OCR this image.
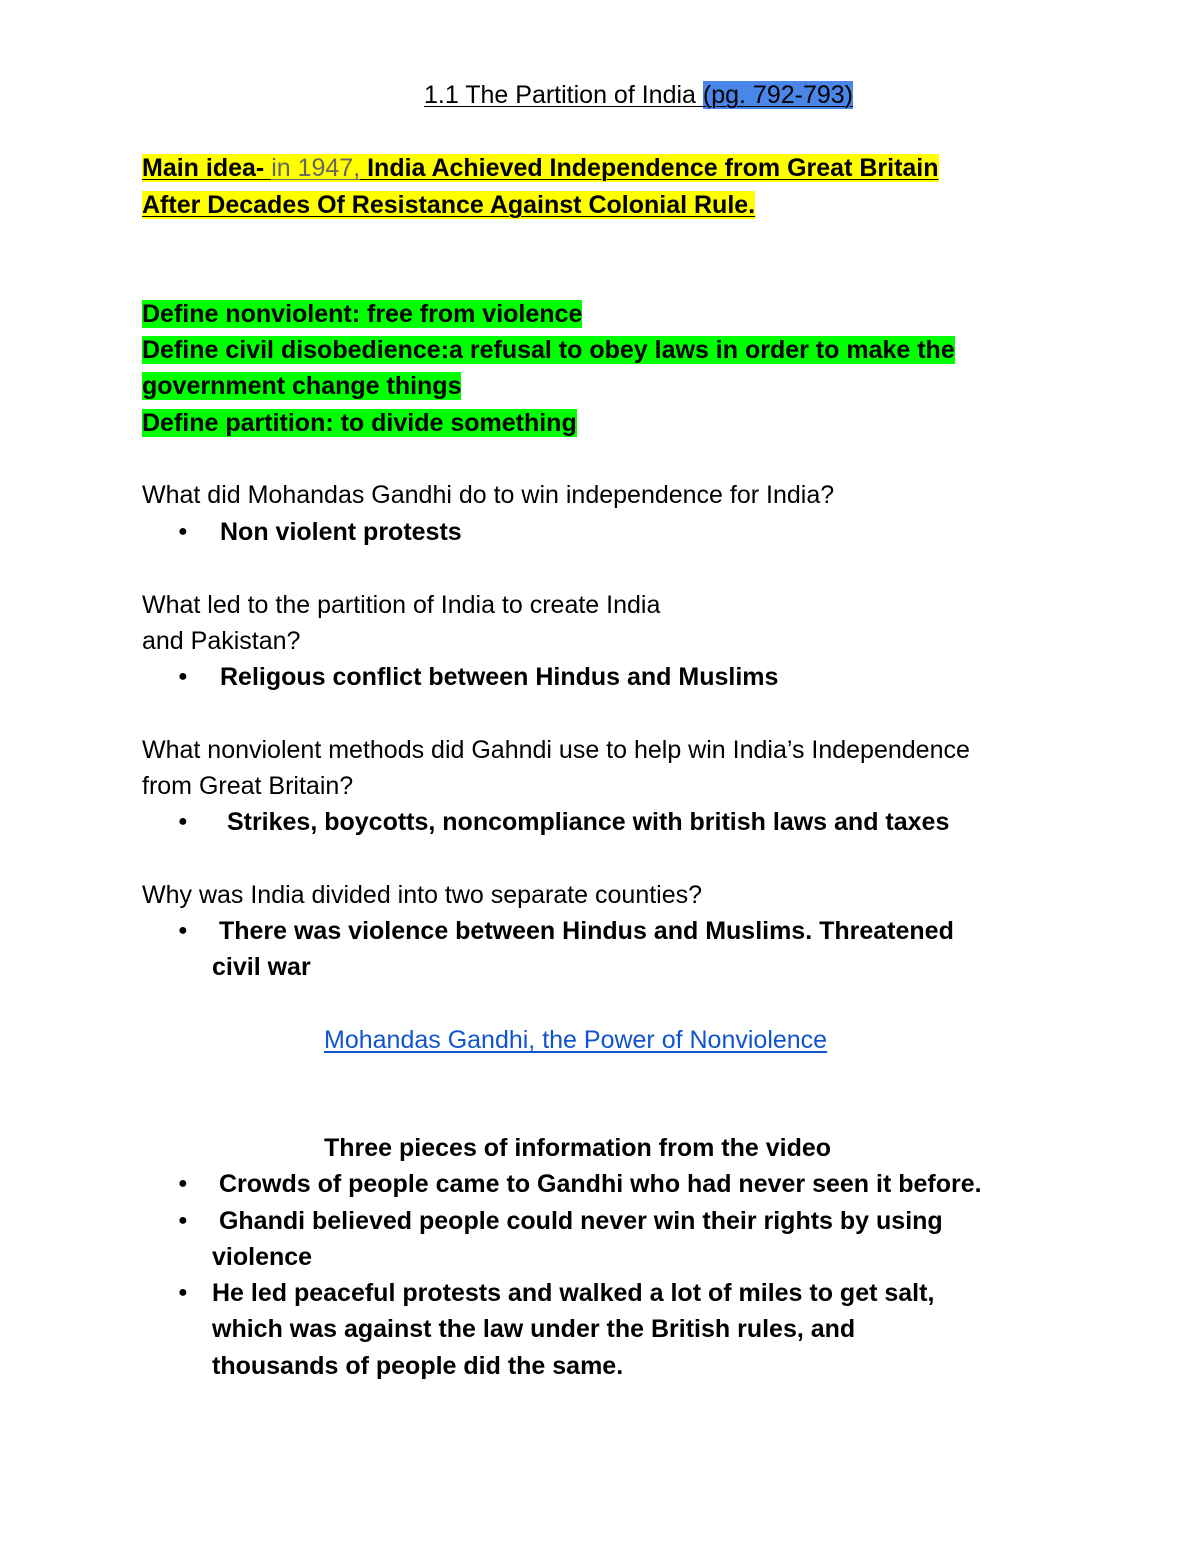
1.1 The Partition of India (pg. 792-793)
Main idea- in 1947, India Achieved Independence from Great Britain
After Decades Of Resistance Against Colonial Rule.
Define nonviolent: free from violence
Define civil disobedience:a refusal to obey laws in order to make the
government change things
Define partition: to divide something
What did Mohandas Gandhi do to win independence for India?
● Non violent protests
What led to the partition of India to create India
and Pakistan?
● Religous conflict between Hindus and Muslims
What nonviolent methods did Gahndi use to help win India’s Independence
from Great Britain?
● Strikes, boycotts, noncompliance with british laws and taxes
Why was India divided into two separate counties?
● There was violence between Hindus and Muslims. Threatened
civil war
Mohandas Gandhi, the Power of Nonviolence
Three pieces of information from the video
● Crowds of people came to Gandhi who had never seen it before.
● Ghandi believed people could never win their rights by using
violence
● He led peaceful protests and walked a lot of miles to get salt,
which was against the law under the British rules, and
thousands of people did the same.
